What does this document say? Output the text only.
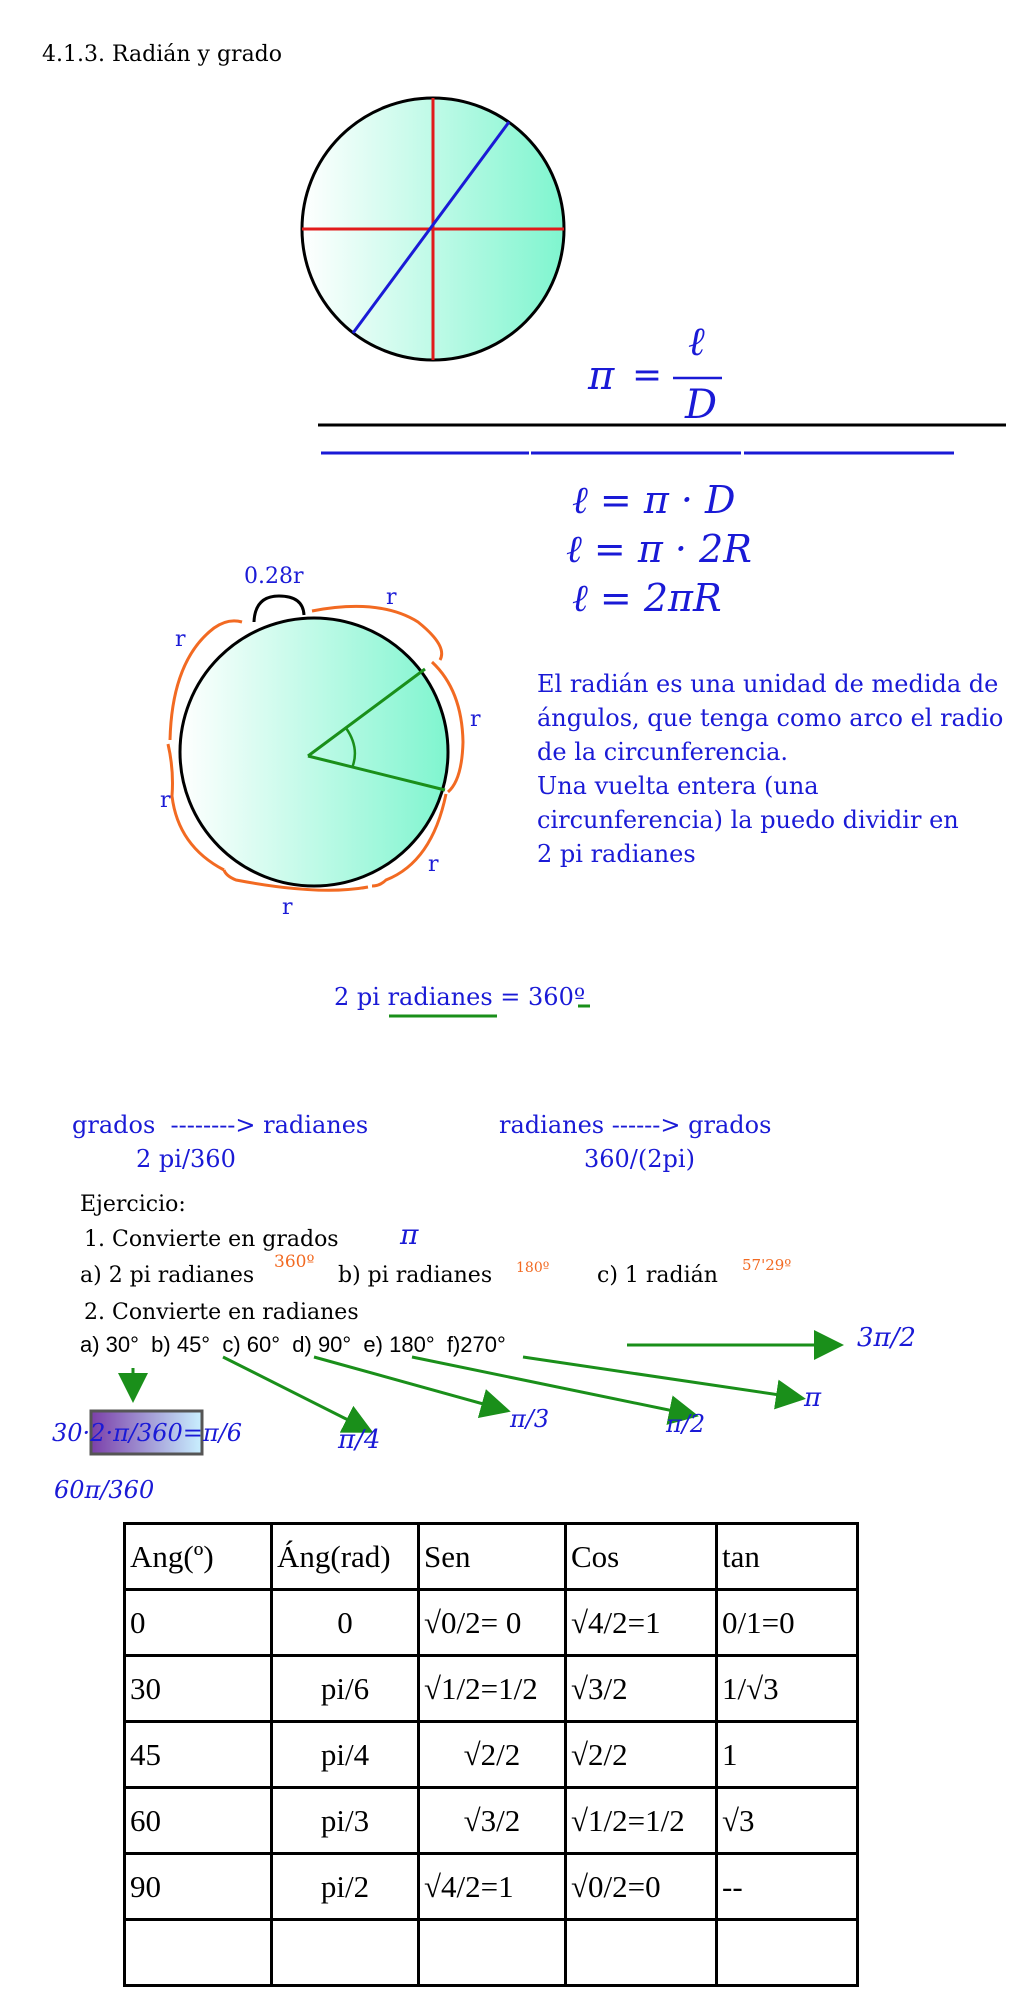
4.1.3. Radián y grado
π =
ℓ
D
ℓ = π · D
ℓ = π · 2R
ℓ = 2πR
0.28r
r
r
r
r
r
r
El radián es una unidad de medida de
ángulos, que tenga como arco el radio
de la circunferencia.
Una vuelta entera (una
circunferencia) la puedo dividir en
2 pi radianes
2 pi radianes = 360º
grados  --------> radianes
2 pi/360
radianes ------> grados
360/(2pi)
Ejercicio:
1. Convierte en grados π
a) 2 pi radianes
360º
b) pi radianes 180º c) 1 radián 57'29º
2. Convierte en radianes
a) 30°  b) 45°  c) 60°  d) 90°  e) 180°  f)270°	3π/2
π
π/2
π/3
π/4
30·2·π/360=π/6
60π/360
Ang(º)	Áng(rad)	Sen	Cos	tan
0	0	√0/2= 0	√4/2=1	0/1=0
30	pi/6	√1/2=1/2	√3/2	1/√3
45	pi/4	√2/2	√2/2	1
60	pi/3	√3/2	√1/2=1/2	√3
90	pi/2	√4/2=1	√0/2=0	--
